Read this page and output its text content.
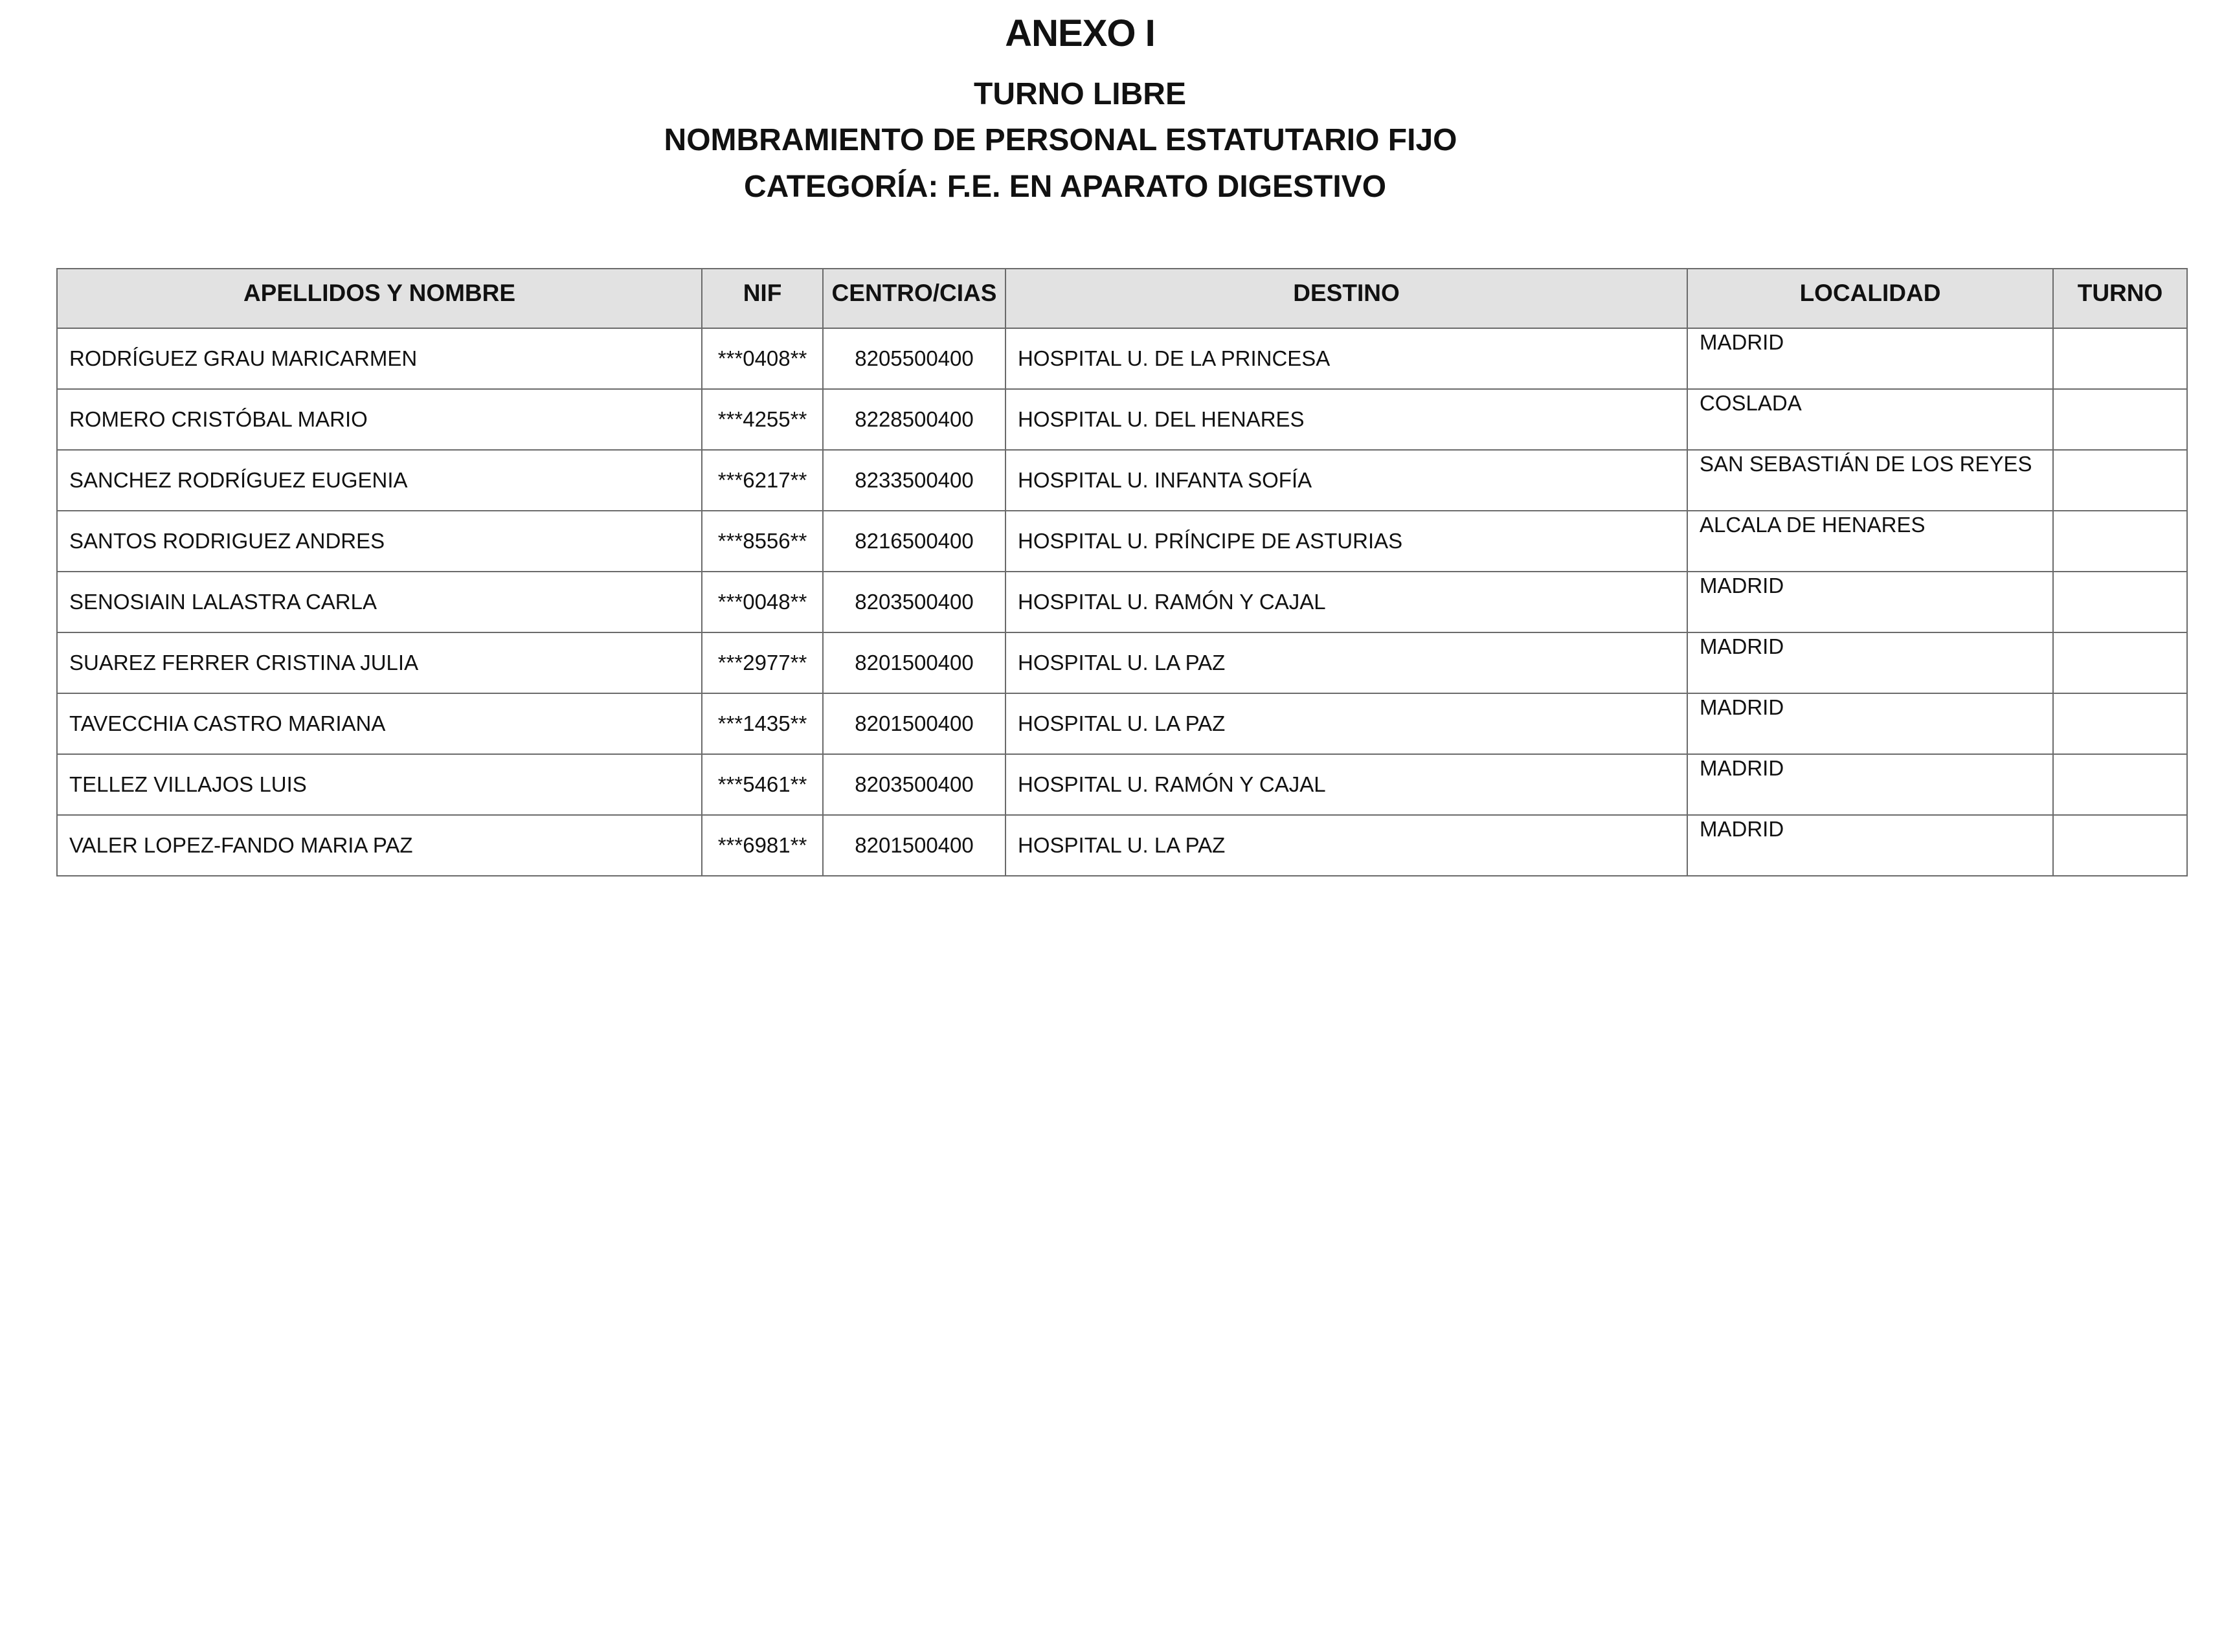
ANEXO I
TURNO LIBRE
NOMBRAMIENTO DE PERSONAL ESTATUTARIO FIJO
CATEGORÍA: F.E. EN APARATO DIGESTIVO
APELLIDOS Y NOMBRE	NIF	CENTRO/CIAS	DESTINO	LOCALIDAD	TURNO
RODRÍGUEZ GRAU MARICARMEN	***0408**	8205500400	HOSPITAL U. DE LA PRINCESA	MADRID	
ROMERO CRISTÓBAL MARIO	***4255**	8228500400	HOSPITAL U. DEL HENARES	COSLADA	
SANCHEZ RODRÍGUEZ EUGENIA	***6217**	8233500400	HOSPITAL U. INFANTA SOFÍA	SAN SEBASTIÁN DE LOS REYES	
SANTOS RODRIGUEZ ANDRES	***8556**	8216500400	HOSPITAL U. PRÍNCIPE DE ASTURIAS	ALCALA DE HENARES	
SENOSIAIN LALASTRA CARLA	***0048**	8203500400	HOSPITAL U. RAMÓN Y CAJAL	MADRID	
SUAREZ FERRER CRISTINA JULIA	***2977**	8201500400	HOSPITAL U. LA PAZ	MADRID	
TAVECCHIA CASTRO MARIANA	***1435**	8201500400	HOSPITAL U. LA PAZ	MADRID	
TELLEZ VILLAJOS LUIS	***5461**	8203500400	HOSPITAL U. RAMÓN Y CAJAL	MADRID	
VALER LOPEZ-FANDO MARIA PAZ	***6981**	8201500400	HOSPITAL U. LA PAZ	MADRID	
